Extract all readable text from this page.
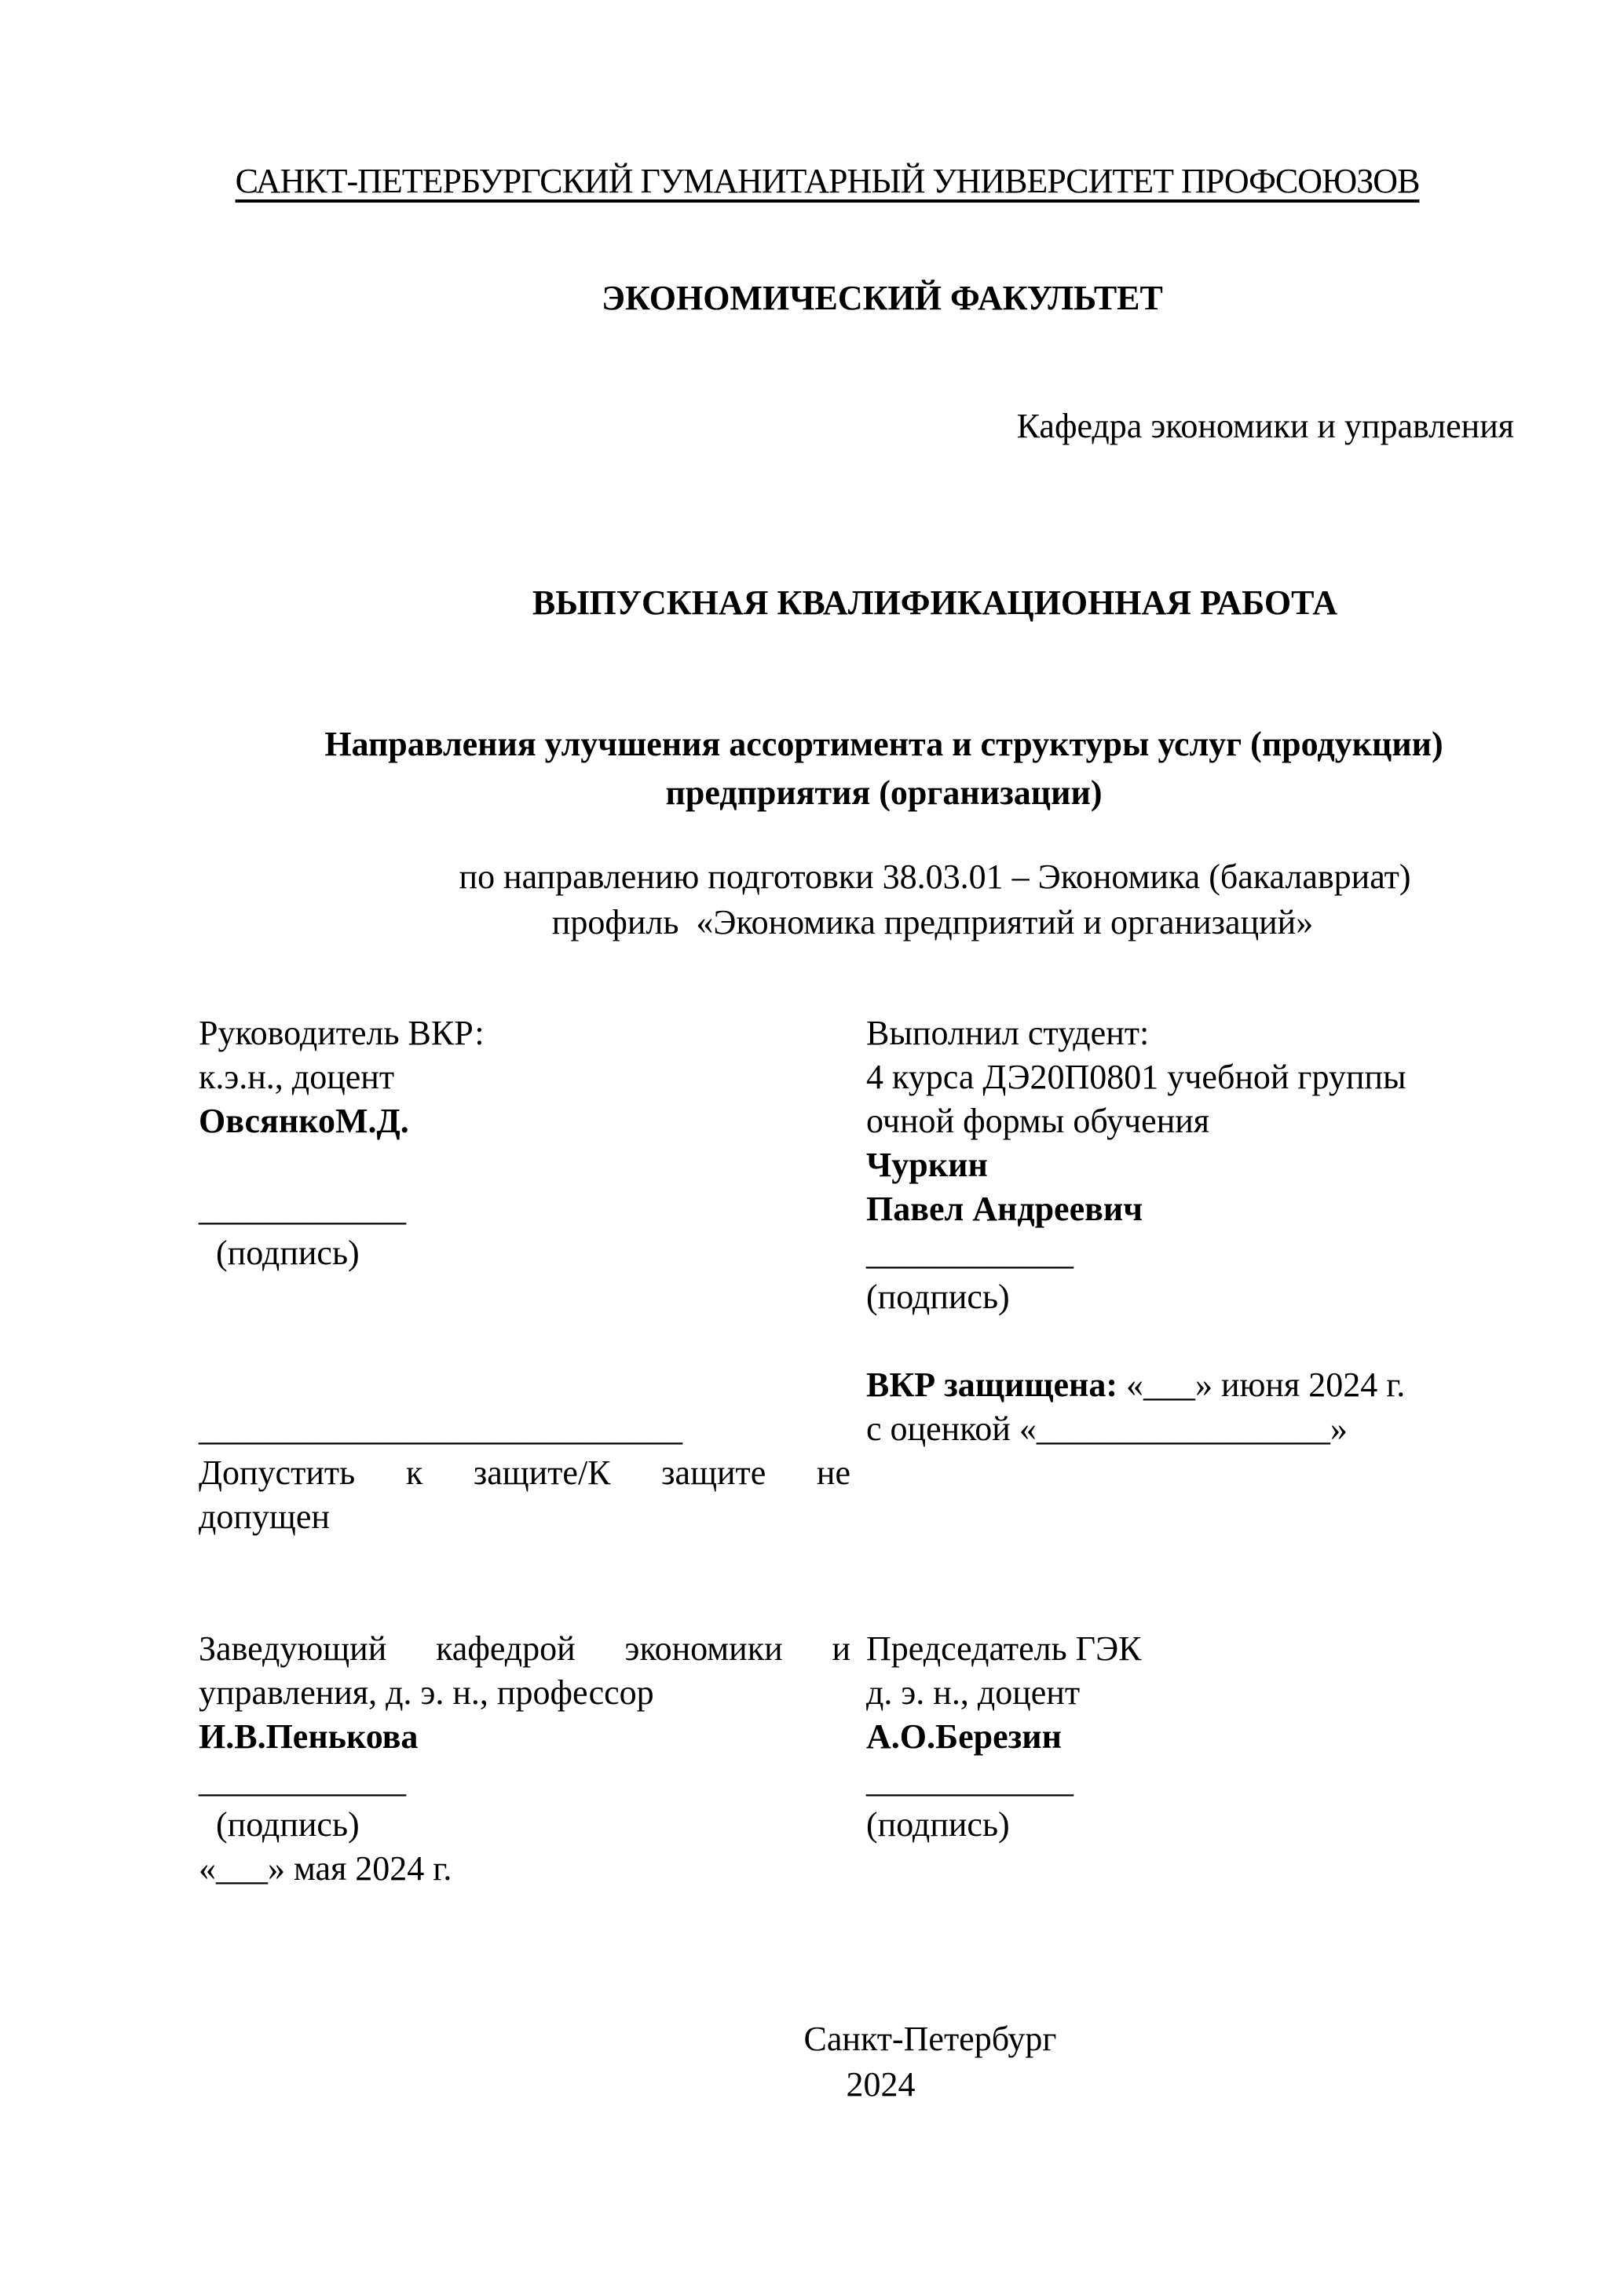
САНКТ-ПЕТЕРБУРГСКИЙ ГУМАНИТАРНЫЙ УНИВЕРСИТЕТ ПРОФСОЮЗОВ
ЭКОНОМИЧЕСКИЙ ФАКУЛЬТЕТ
Кафедра экономики и управления
ВЫПУСКНАЯ КВАЛИФИКАЦИОННАЯ РАБОТА
Направления улучшения ассортимента и структуры услуг (продукции)
предприятия (организации)
по направлению подготовки 38.03.01 – Экономика (бакалавриат)
профиль  «Экономика предприятий и организаций»
Руководитель ВКР:
к.э.н., доцент
ОвсянкоМ.Д.
____________
(подпись)
____________________________
Допустить к защите/К защите не
допущен
Заведующий кафедрой экономики и
управления, д. э. н., профессор
И.В.Пенькова
____________
(подпись)
«___» мая 2024 г.
Выполнил студент:
4 курса ДЭ20П0801 учебной группы
очной формы обучения
Чуркин
Павел Андреевич
____________
(подпись)
ВКР защищена: «___» июня 2024 г.
с оценкой «_________________»
Председатель ГЭК
д. э. н., доцент
А.О.Березин
____________
(подпись)
Санкт-Петербург
2024
